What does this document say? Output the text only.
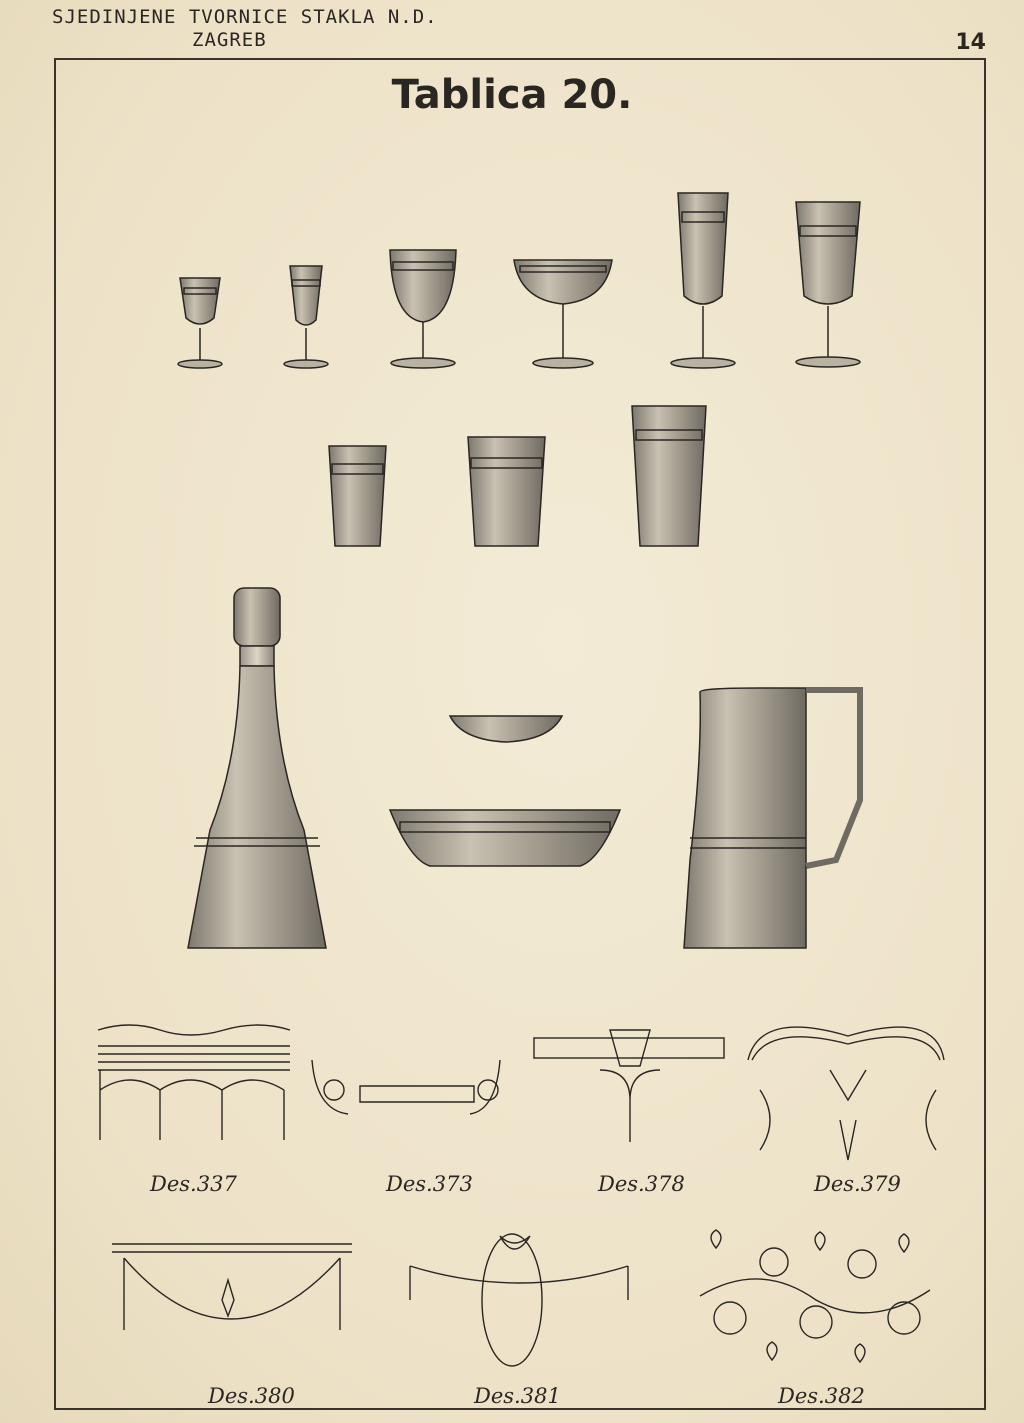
SJEDINJENE TVORNICE STAKLA N.D.
ZAGREB	14
Tablica 20.
Des.337	Des.373	Des.378	Des.379
Des.380	Des.381	Des.382
